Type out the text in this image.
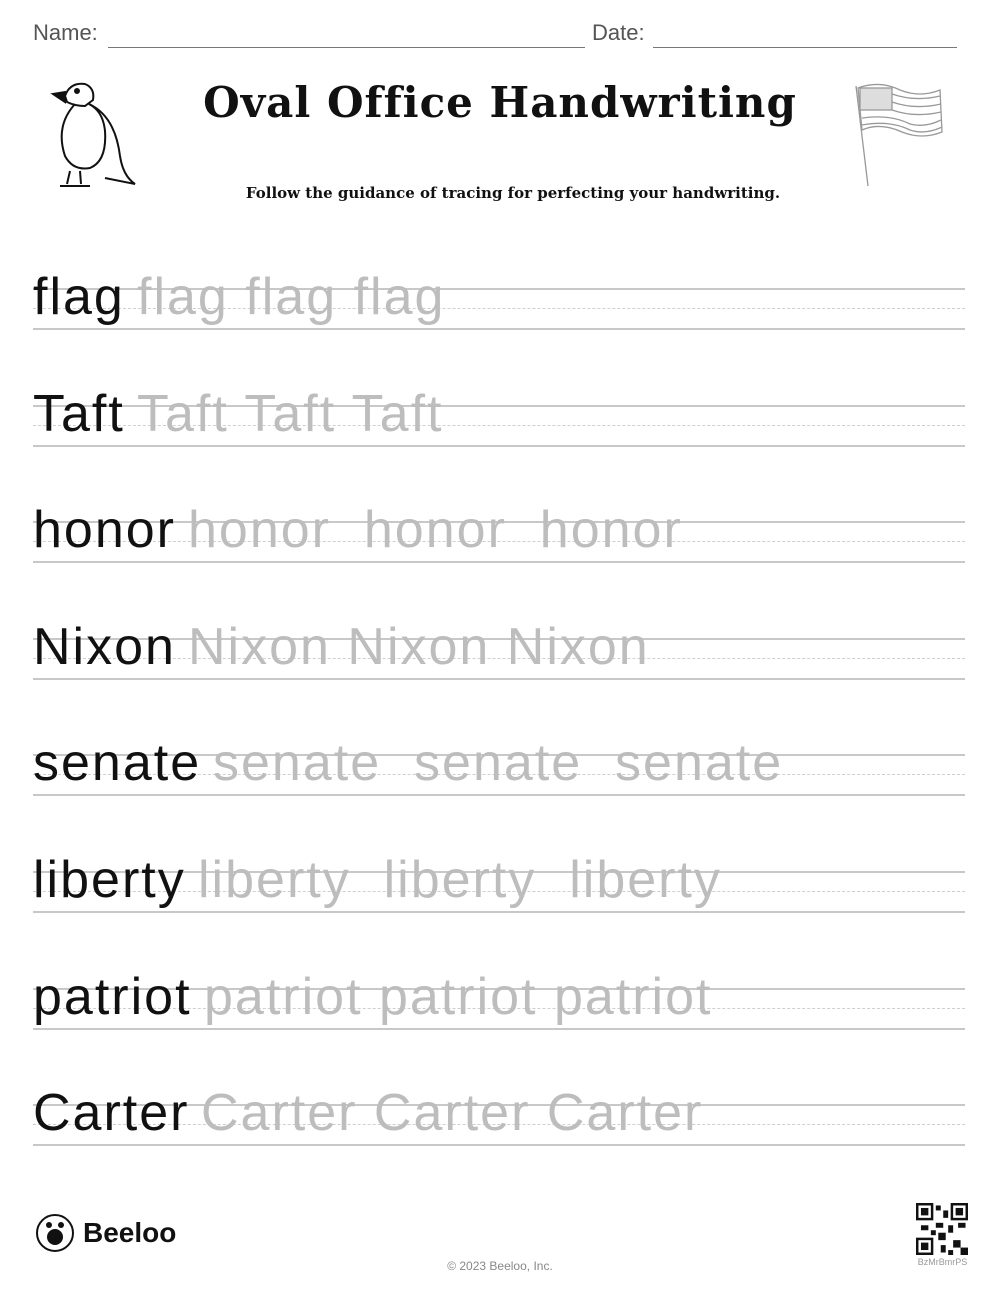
Name:	Date:
Oval Office Handwriting
Follow the guidance of tracing for perfecting your handwriting.
flag flag flag flag
Taft Taft Taft Taft
honor honor  honor  honor
Nixon Nixon Nixon Nixon
senate senate  senate  senate
liberty liberty  liberty  liberty
patriot patriot patriot patriot
Carter Carter Carter Carter
Beeloo
© 2023 Beeloo, Inc.	BzMrBmrPS
